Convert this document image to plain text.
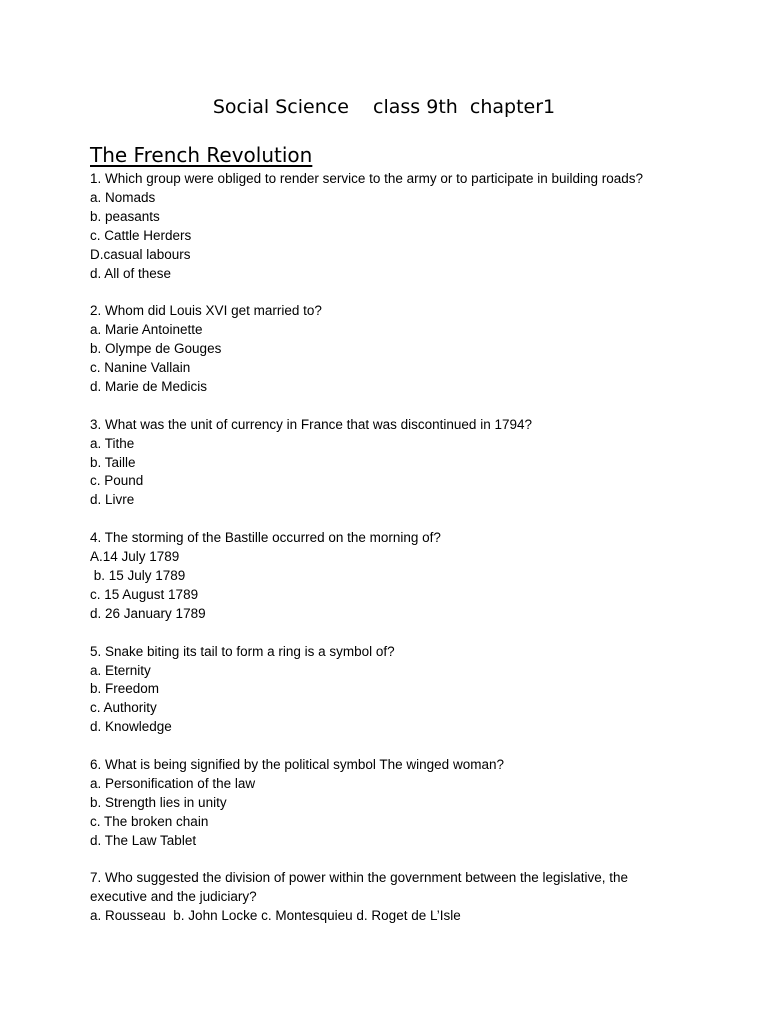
Social Science    class 9th  chapter1
The French Revolution
1. Which group were obliged to render service to the army or to participate in building roads?
a. Nomads
b. peasants
c. Cattle Herders
D.casual labours
d. All of these
2. Whom did Louis XVI get married to?
a. Marie Antoinette
b. Olympe de Gouges
c. Nanine Vallain
d. Marie de Medicis
3. What was the unit of currency in France that was discontinued in 1794?
a. Tithe
b. Taille
c. Pound
d. Livre
4. The storming of the Bastille occurred on the morning of?
A.14 July 1789
b. 15 July 1789
c. 15 August 1789
d. 26 January 1789
5. Snake biting its tail to form a ring is a symbol of?
a. Eternity
b. Freedom
c. Authority
d. Knowledge
6. What is being signified by the political symbol The winged woman?
a. Personification of the law
b. Strength lies in unity
c. The broken chain
d. The Law Tablet
7. Who suggested the division of power within the government between the legislative, the executive and the judiciary?
a. Rousseau  b. John Locke c. Montesquieu d. Roget de L’Isle
